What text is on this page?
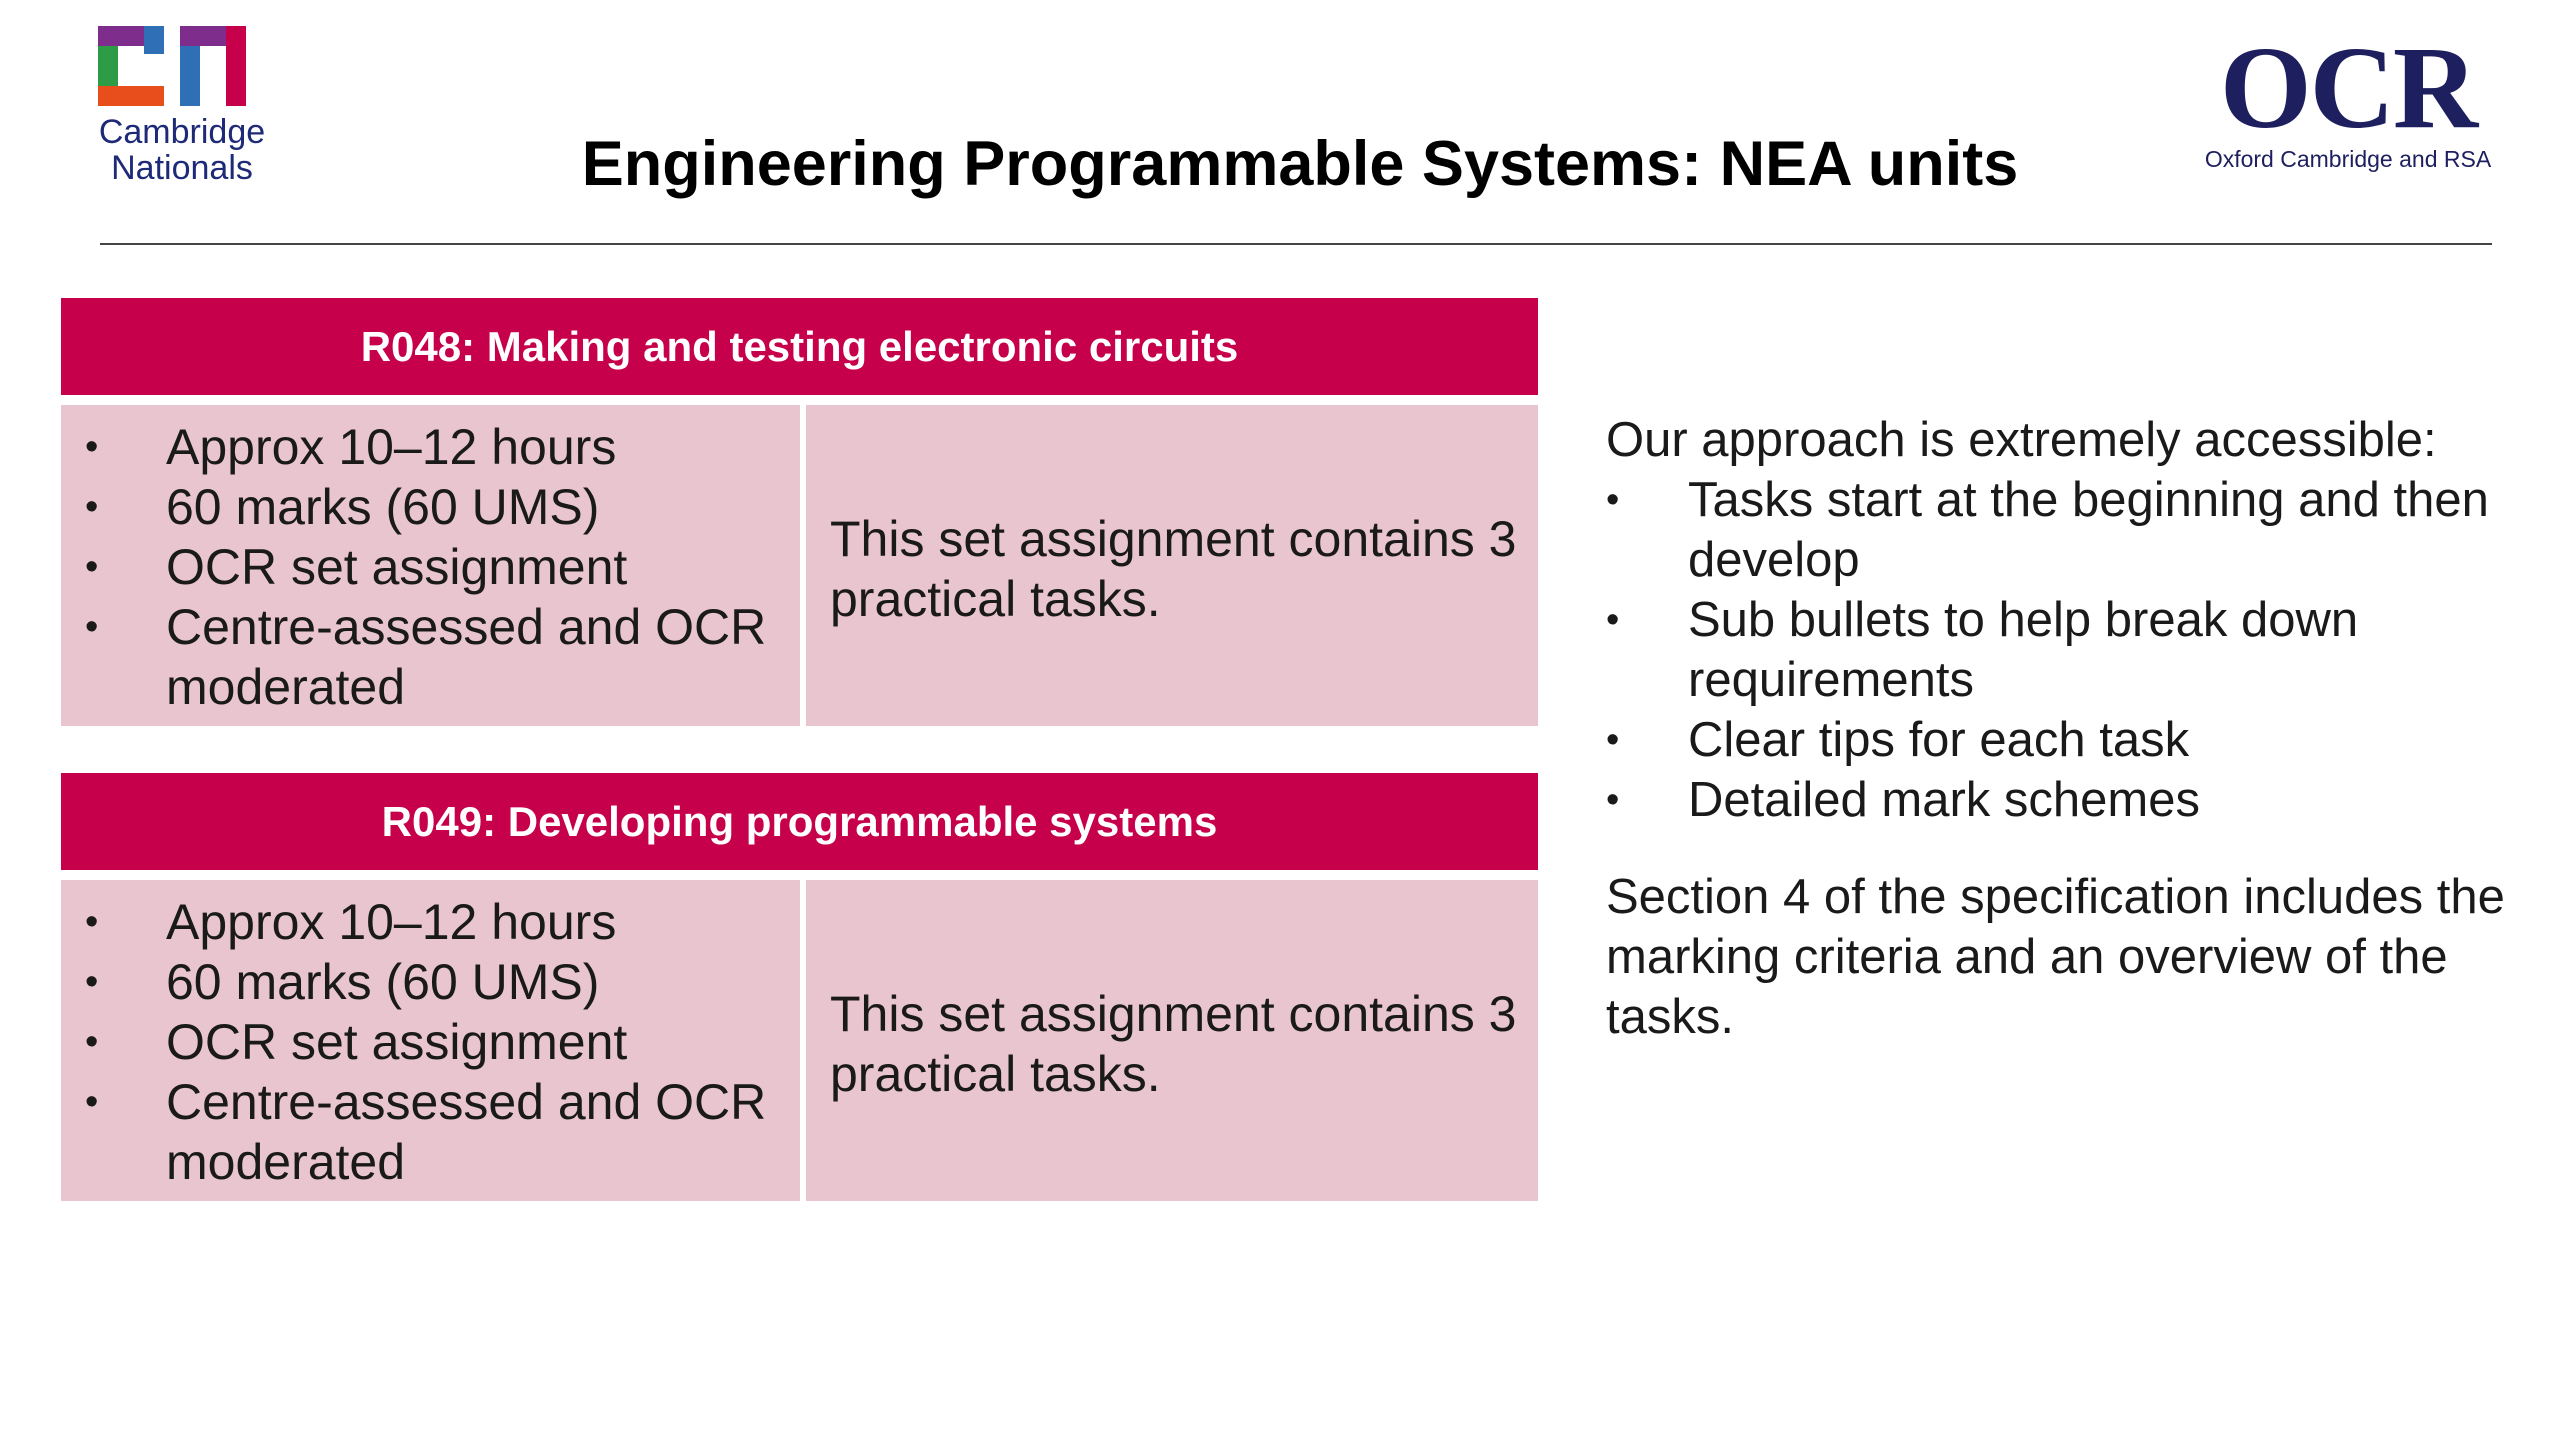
Cambridge
Nationals
OCR
Oxford Cambridge and RSA
Engineering Programmable Systems: NEA units
R048: Making and testing electronic circuits
•	Approx 10–12 hours
•	60 marks (60 UMS)
•	OCR set assignment
•	Centre-assessed and OCR moderated
This set assignment contains 3 practical tasks.
R049: Developing programmable systems
•	Approx 10–12 hours
•	60 marks (60 UMS)
•	OCR set assignment
•	Centre-assessed and OCR moderated
This set assignment contains 3 practical tasks.
Our approach is extremely accessible:
•	Tasks start at the beginning and then develop
•	Sub bullets to help break down requirements
•	Clear tips for each task
•	Detailed mark schemes
Section 4 of the specification includes the marking criteria and an overview of the tasks.
